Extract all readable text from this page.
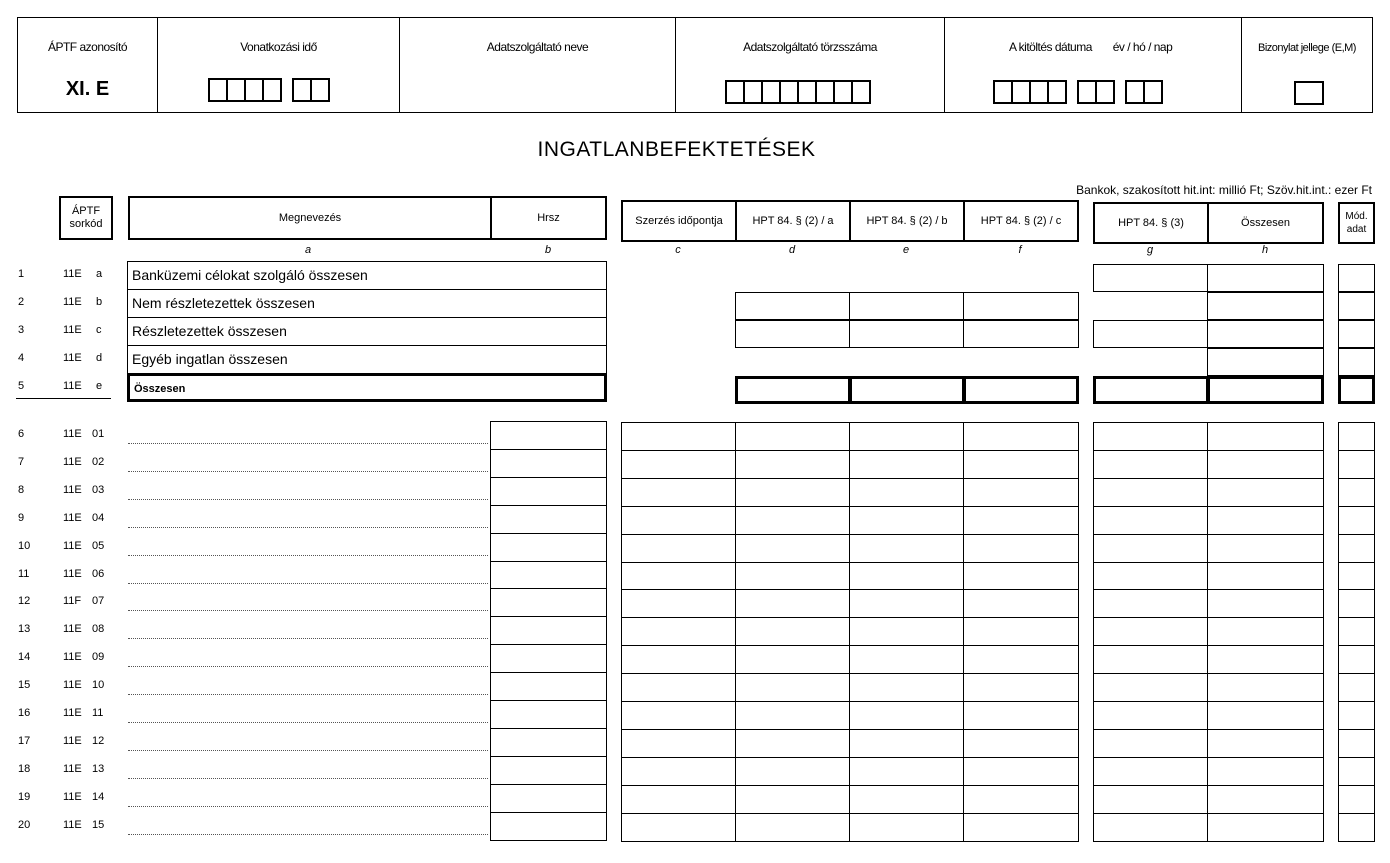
ÁPTF azonosító
XI. E
Vonatkozási idő	Adatszolgáltató neve	Adatszolgáltató törzsszáma	A kitöltés dátuma év / hó / nap	Bizonylat jellege (E,M)
INGATLANBEFEKTETÉSEK
Bankok, szakosított hit.int: millió Ft; Szöv.hit.int.: ezer Ft
ÁPTF sorkód
Megnevezés	Hrsz	Szerzés időpontja	HPT 84. § (2) / a	HPT 84. § (2) / b	HPT 84. § (2) / c	HPT 84. § (3)	Összesen	Mód. adat
a	b	c	d	e	f	g	h
1	11E a Banküzemi célokat szolgáló összesen
2	11E b Nem részletezettek összesen
3	11E c Részletezettek összesen
4	11E d Egyéb ingatlan összesen
5	11E e	Összesen
6	11E 01
7	11E 02
8	11E 03
9	11E 04
10	11E 05
11	11E 06
12	11F 07
13	11E 08
14	11E 09
15	11E 10
16	11E 11
17	11E 12
18	11E 13
19	11E 14
20	11E 15
